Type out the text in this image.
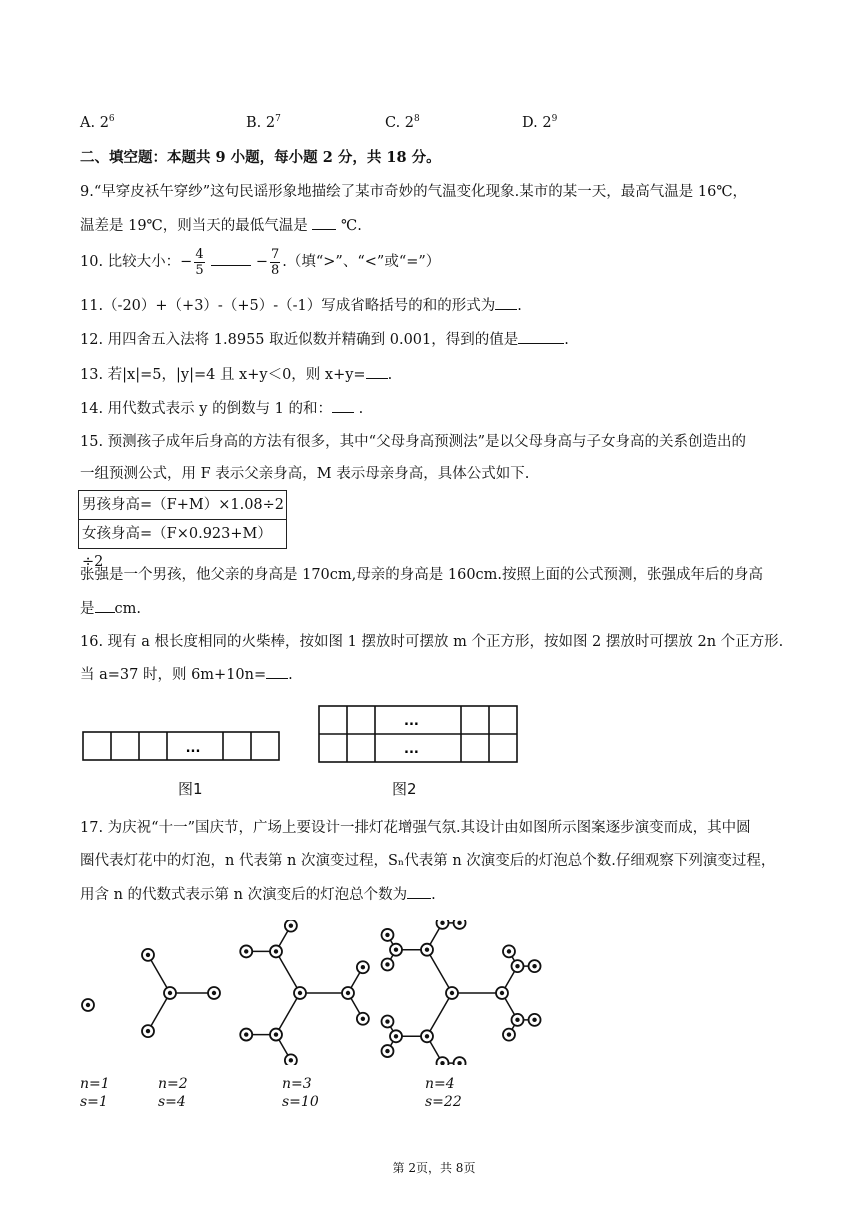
A. $2^6$	B. $2^7$	C. $2^8$	D. $2^9$
二、填空题：本题共 9 小题，每小题 2 分，共 18 分。
9.“早穿皮袄午穿纱”这句民谣形象地描绘了某市奇妙的气温变化现象.某市的某一天，最高气温是 16℃，
温差是 19℃，则当天的最低气温是  ℃.
10. 比较大小：− $\frac{4}{5}$	− $\frac{7}{8}$ .（填“>”、“<”或“=”）
11.（-20）+（+3）-（+5）-（-1）写成省略括号的和的形式为 .
12. 用四舍五入法将 1.8955 取近似数并精确到 0.001，得到的值是	.
13. 若|x|=5，|y|=4 且 x+y＜0，则 x+y= .
14. 用代数式表示 y 的倒数与 1 的和： .
15. 预测孩子成年后身高的方法有很多，其中“父母身高预测法”是以父母身高与子女身高的关系创造出的
一组预测公式，用 F 表示父亲身高，M 表示母亲身高，具体公式如下.
男孩身高=（F+M）×1.08÷2
女孩身高=（F×0.923+M）÷2
张强是一个男孩，他父亲的身高是 170cm,母亲的身高是 160cm.按照上面的公式预测，张强成年后的身高
是 cm.
16. 现有 a 根长度相同的火柴棒，按如图 1 摆放时可摆放 m 个正方形，按如图 2 摆放时可摆放 2n 个正方形.
当 a=37 时，则 6m+10n= .
...
图1
...
...
图2
17. 为庆祝“十一”国庆节，广场上要设计一排灯花增强气氛.其设计由如图所示图案逐步演变而成，其中圆
圈代表灯花中的灯泡，n 代表第 n 次演变过程，Sₙ代表第 n 次演变后的灯泡总个数.仔细观察下列演变过程，
用含 n 的代数式表示第 n 次演变后的灯泡总个数为 .
n=1
s=1
n=2
s=4
n=3
s=10
n=4
s=22
第 2页，共 8页
